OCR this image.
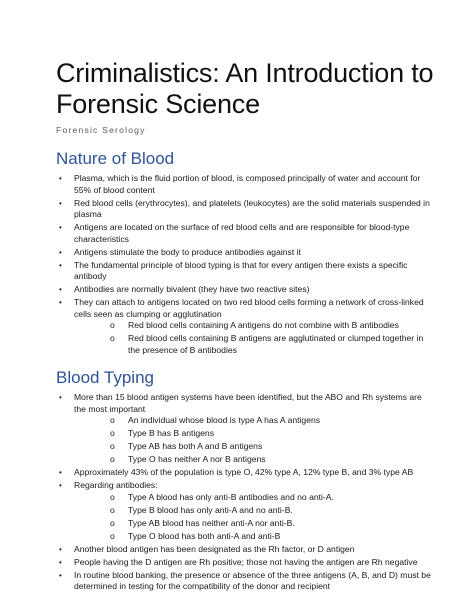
Criminalistics: An Introduction to Forensic Science

Forensic Serology

Nature of Blood
• Plasma, which is the fluid portion of blood, is composed principally of water and account for 55% of blood content
• Red blood cells (erythrocytes), and platelets (leukocytes) are the solid materials suspended in plasma
• Antigens are located on the surface of red blood cells and are responsible for blood-type characteristics
• Antigens stimulate the body to produce antibodies against it
• The fundamental principle of blood typing is that for every antigen there exists a specific antibody
• Antibodies are normally bivalent (they have two reactive sites)
• They can attach to antigens located on two red blood cells forming a network of cross-linked cells seen as clumping or agglutination
o Red blood cells containing A antigens do not combine with B antibodies
o Red blood cells containing B antigens are agglutinated or clumped together in the presence of B antibodies
Blood Typing
• More than 15 blood antigen systems have been identified, but the ABO and Rh systems are the most important
o An individual whose blood is type A has A antigens
o Type B has B antigens
o Type AB has both A and B antigens
o Type O has neither A nor B antigens
• Approximately 43% of the population is type O, 42% type A, 12% type B, and 3% type AB
• Regarding antibodies:
o Type A blood has only anti-B antibodies and no anti-A.
o Type B blood has only anti-A and no anti-B.
o Type AB blood has neither anti-A nor anti-B.
o Type O blood has both anti-A and anti-B
• Another blood antigen has been designated as the Rh factor, or D antigen
• People having the D antigen are Rh positive; those not having the antigen are Rh negative
• In routine blood banking, the presence or absence of the three antigens (A, B, and D) must be determined in testing for the compatibility of the donor and recipient
